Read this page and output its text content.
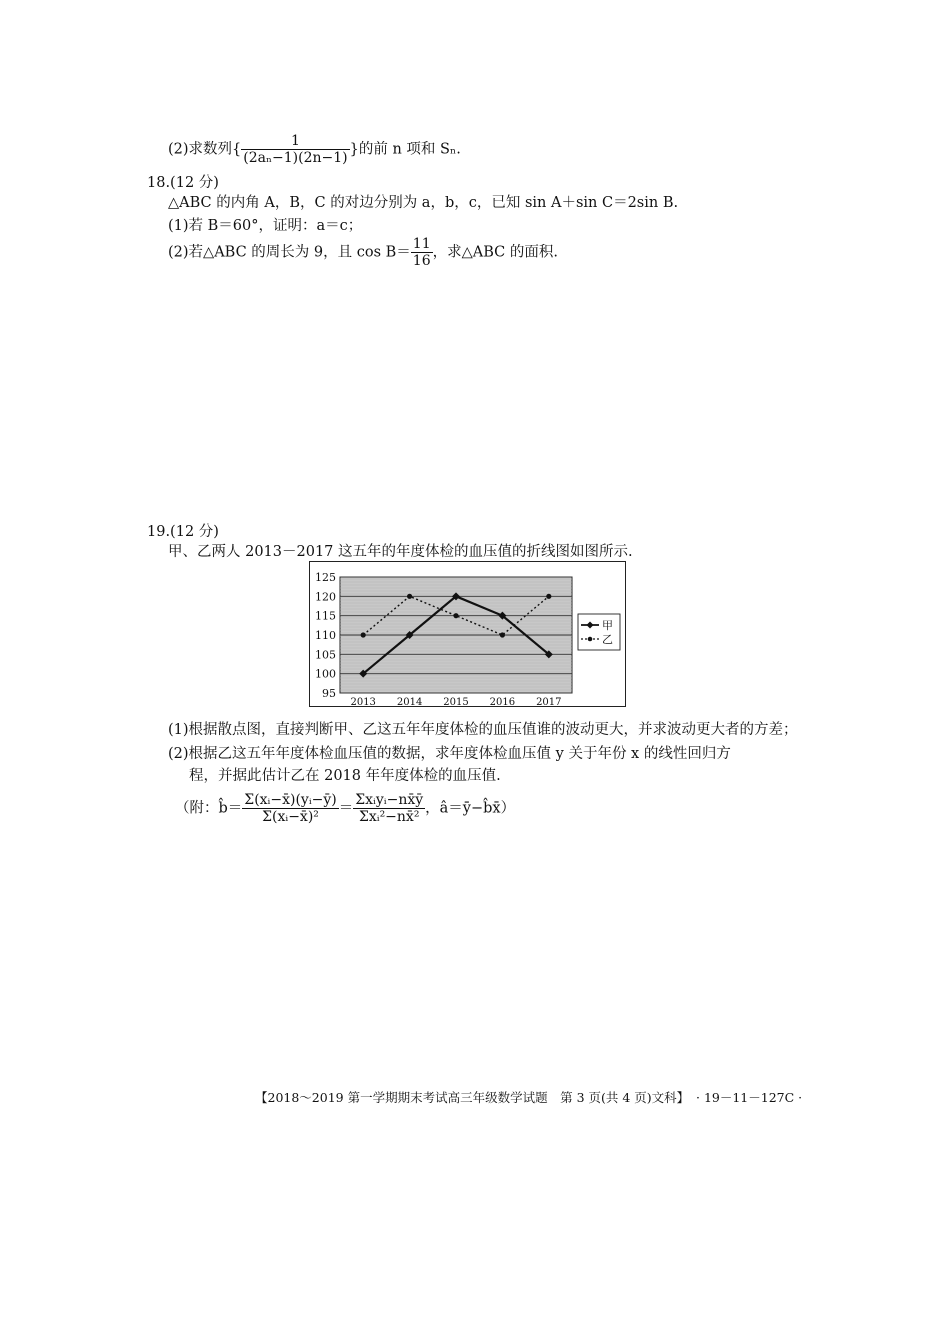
(2)求数列{ $\frac{1}{\text{(2aₙ−1)(2n−1)}}$ }的前 n 项和 Sₙ.
18.(12 分)
△ABC 的内角 A，B，C 的对边分别为 a，b，c，已知 sin A＋sin C＝2sin B.
(1)若 B＝60°，证明：a＝c；
(2)若△ABC 的周长为 9，且 $\cos B= \frac{11}{16}$ ，求△ABC 的面积.
19.(12 分)
甲、乙两人 2013－2017 这五年的年度体检的血压值的折线图如图所示.
95
100
105
110
115
120
125
2013 2014 2015 2016 2017
甲
乙
(1)根据散点图，直接判断甲、乙这五年年度体检的血压值谁的波动更大，并求波动更大者的方差；
(2)根据乙这五年年度体检血压值的数据，求年度体检血压值 y 关于年份 x 的线性回归方
程，并据此估计乙在 2018 年年度体检的血压值.
（附：b̂＝ $\frac{\text{Σ(xᵢ−x̄)(yᵢ−ȳ)}}{\text{Σ(xᵢ−x̄)²}} = \frac{\text{Σxᵢyᵢ−nx̄ȳ}}{\text{Σxᵢ²−nx̄²}}$ ，â＝ȳ−b̂x̄）
【2018～2019 第一学期期末考试高三年级数学试题　第 3 页(共 4 页)文科】 · 19－11－127C ·
